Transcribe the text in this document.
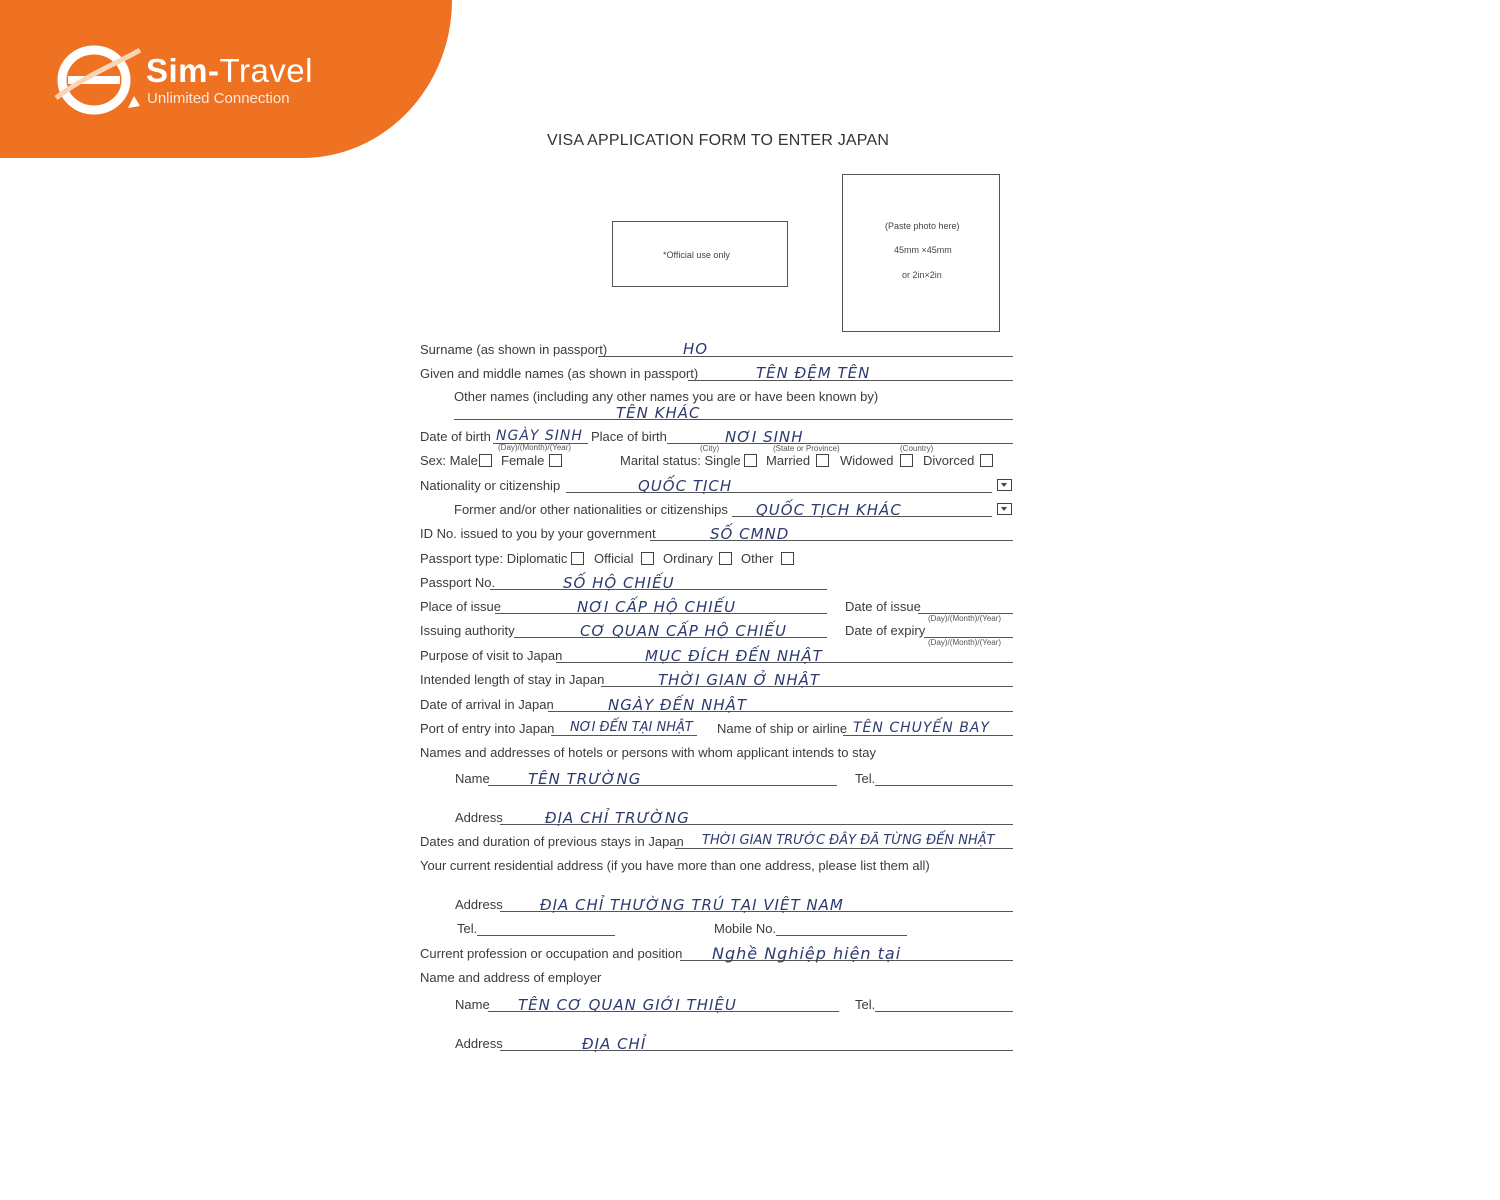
Sim-Travel
Unlimited Connection
VISA APPLICATION FORM TO ENTER JAPAN
*Official use only
(Paste photo here)
45mm ×45mm
or 2in×2in
Surname (as shown in passport)	HO
Given and middle names (as shown in passport)	TÊN ĐỆM TÊN
Other names (including any other names you are or have been known by)
TÊN KHÁC
Date of birth NGÀY SINH
(Day)/(Month)/(Year)
Place of birth	NƠI SINH
(City)	(State or Province)	(Country)
Sex: Male Female	Marital status: Single Married Widowed Divorced
Nationality or citizenship	QUỐC TỊCH
Former and/or other nationalities or citizenships QUỐC TỊCH KHÁC
ID No. issued to you by your government	SỐ CMND
Passport type: Diplomatic Official Ordinary Other
Passport No.	SỐ HỘ CHIẾU
Place of issue	NƠI CẤP HỘ CHIẾU	Date of issue
(Day)/(Month)/(Year)
Issuing authority	CƠ QUAN CẤP HỘ CHIẾU	Date of expiry
(Day)/(Month)/(Year)
Purpose of visit to Japan	MỤC ĐÍCH ĐẾN NHẬT
Intended length of stay in Japan	THỜI GIAN Ở NHẬT
Date of arrival in Japan	NGÀY ĐẾN NHẬT
Port of entry into Japan NƠI ĐẾN TẠI NHẬT Name of ship or airline TÊN CHUYẾN BAY
Names and addresses of hotels or persons with whom applicant intends to stay
Name	TÊN TRƯỜNG	Tel.
Address	ĐỊA CHỈ TRƯỜNG
Dates and duration of previous stays in Japan THỜI GIAN TRƯỚC ĐÂY ĐÃ TỪNG ĐẾN NHẬT
Your current residential address (if you have more than one address, please list them all)
Address ĐỊA CHỈ THƯỜNG TRÚ TẠI VIỆT NAM
Tel.	Mobile No.
Current profession or occupation and position Nghề Nghiệp hiện tại
Name and address of employer
Name TÊN CƠ QUAN GIỚI THIỆU	Tel.
Address	ĐỊA CHỈ
